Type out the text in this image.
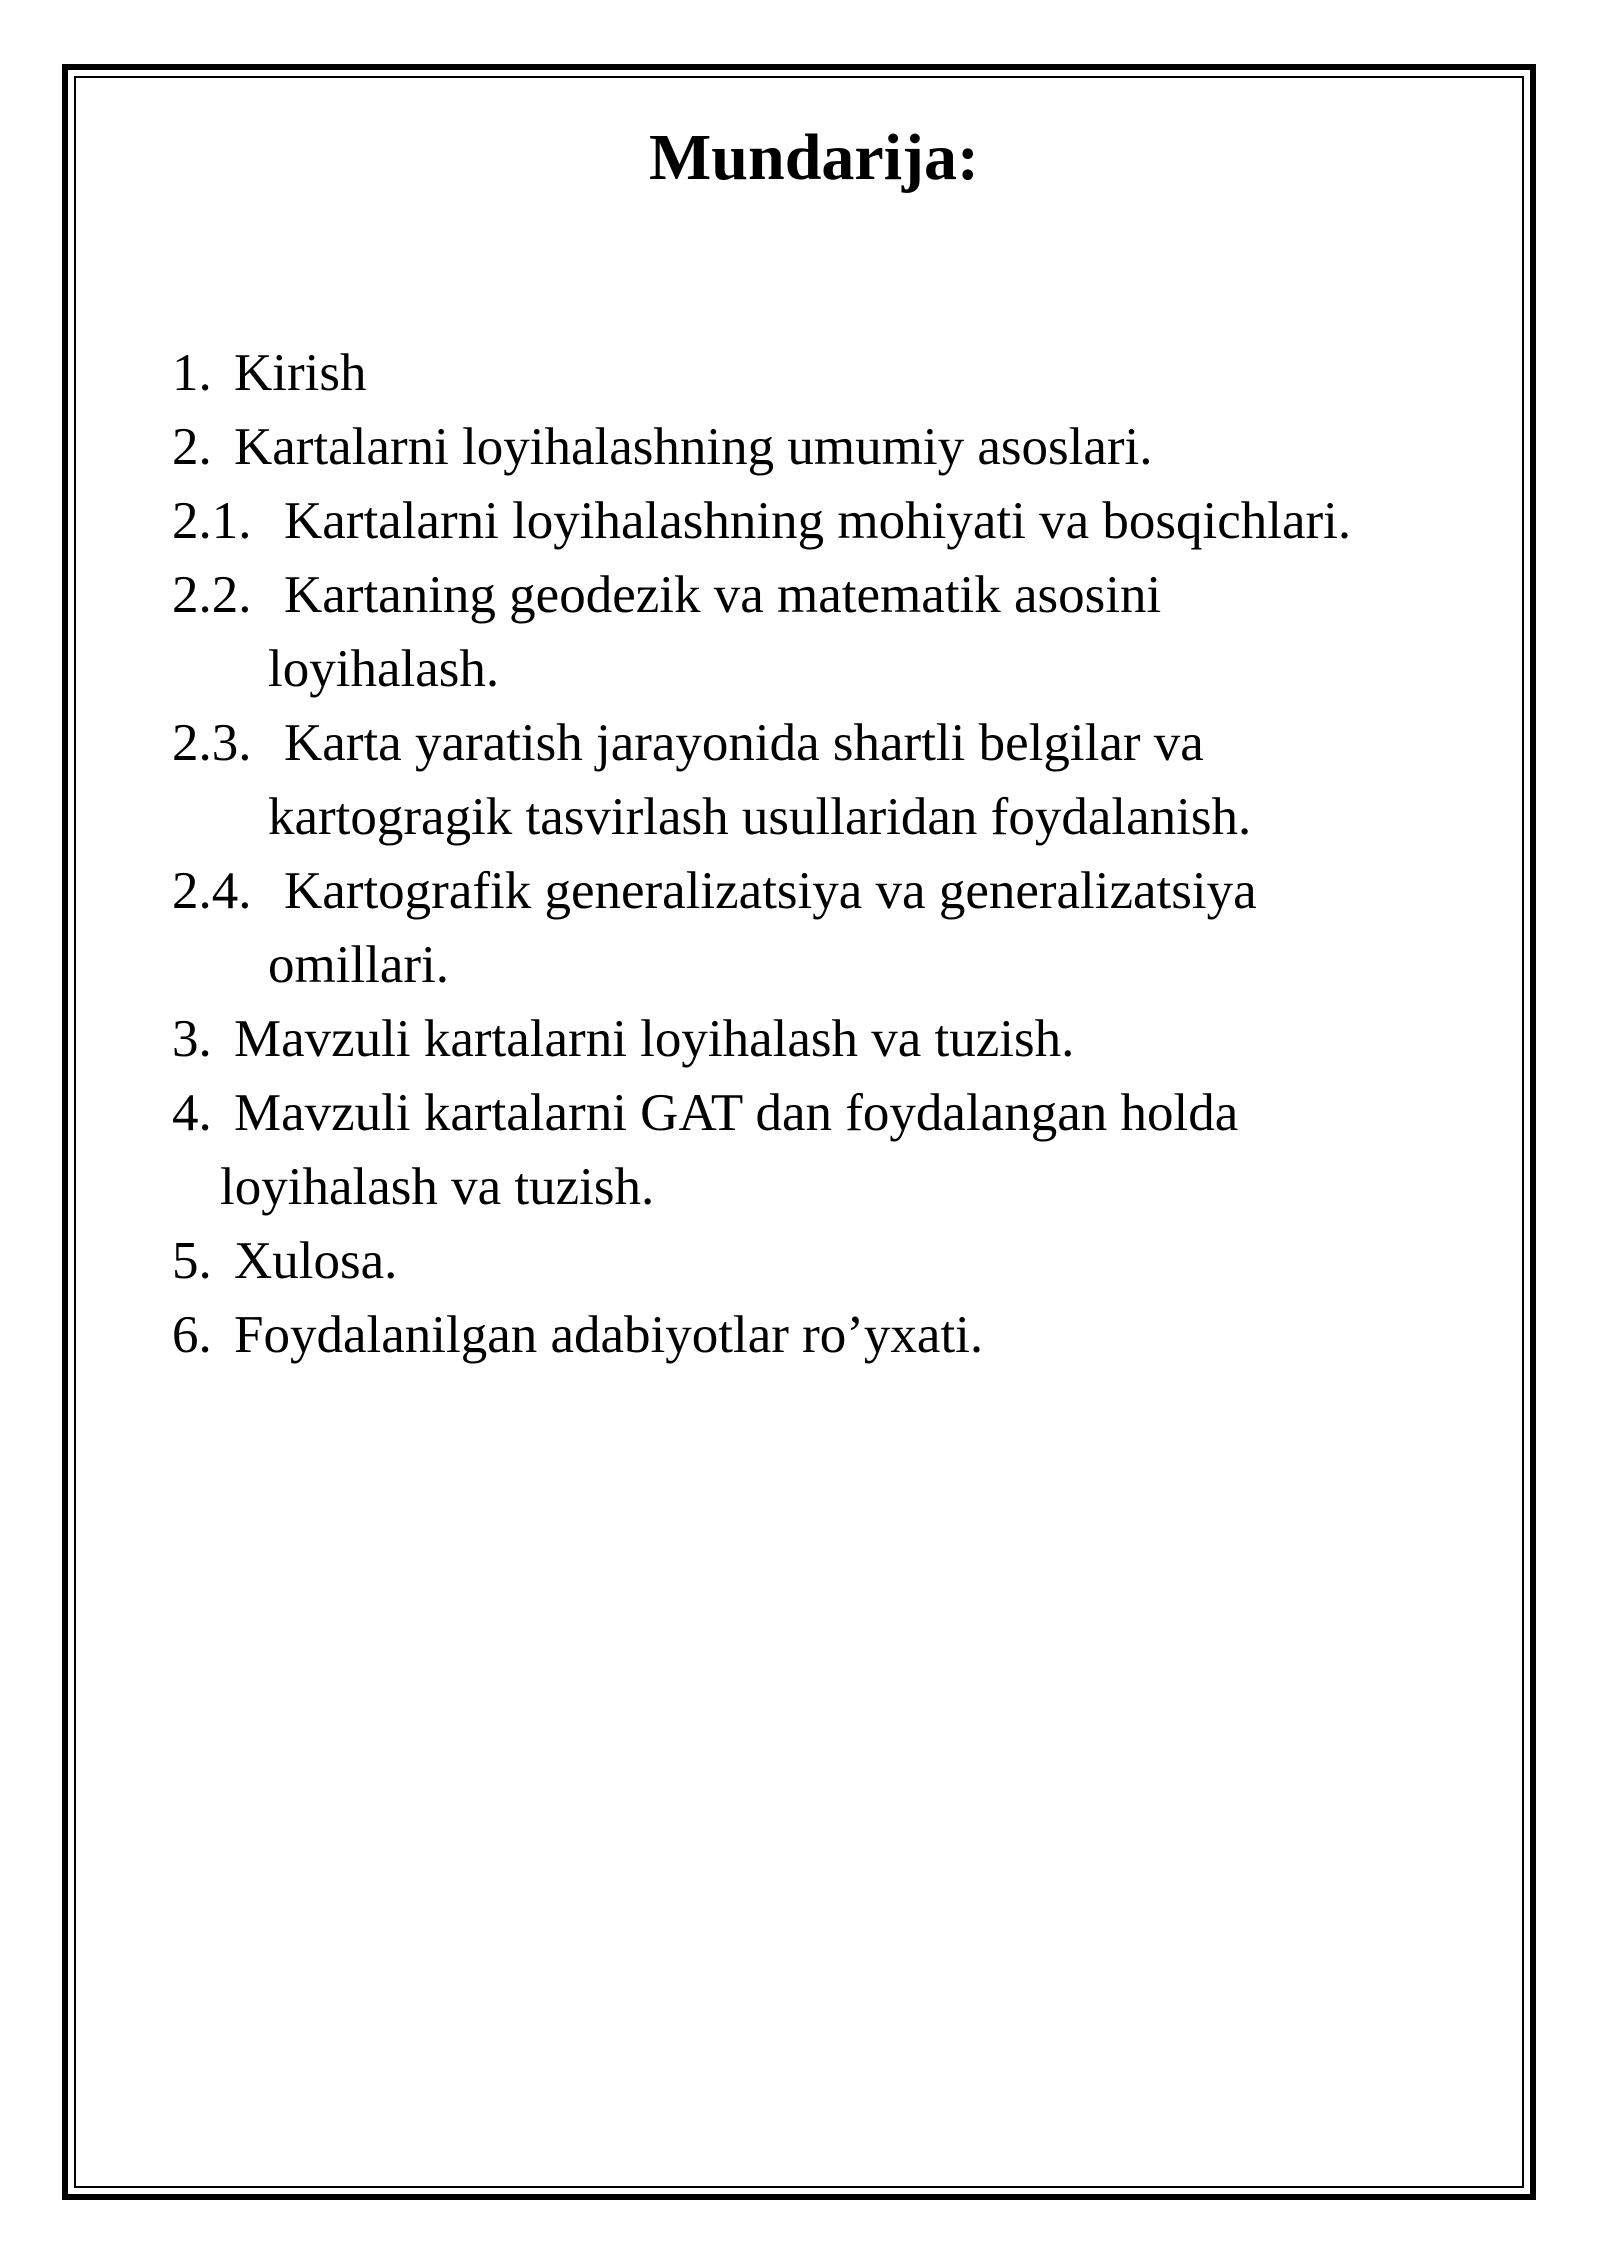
Mundarija:
1. Kirish
2. Kartalarni loyihalashning umumiy asoslari.
2.1. Kartalarni loyihalashning mohiyati va bosqichlari.
2.2. Kartaning geodezik va matematik asosini
loyihalash.
2.3. Karta yaratish jarayonida shartli belgilar va
kartogragik tasvirlash usullaridan foydalanish.
2.4. Kartografik generalizatsiya va generalizatsiya
omillari.
3. Mavzuli kartalarni loyihalash va tuzish.
4. Mavzuli kartalarni GAT dan foydalangan holda
loyihalash va tuzish.
5. Xulosa.
6. Foydalanilgan adabiyotlar ro’yxati.
